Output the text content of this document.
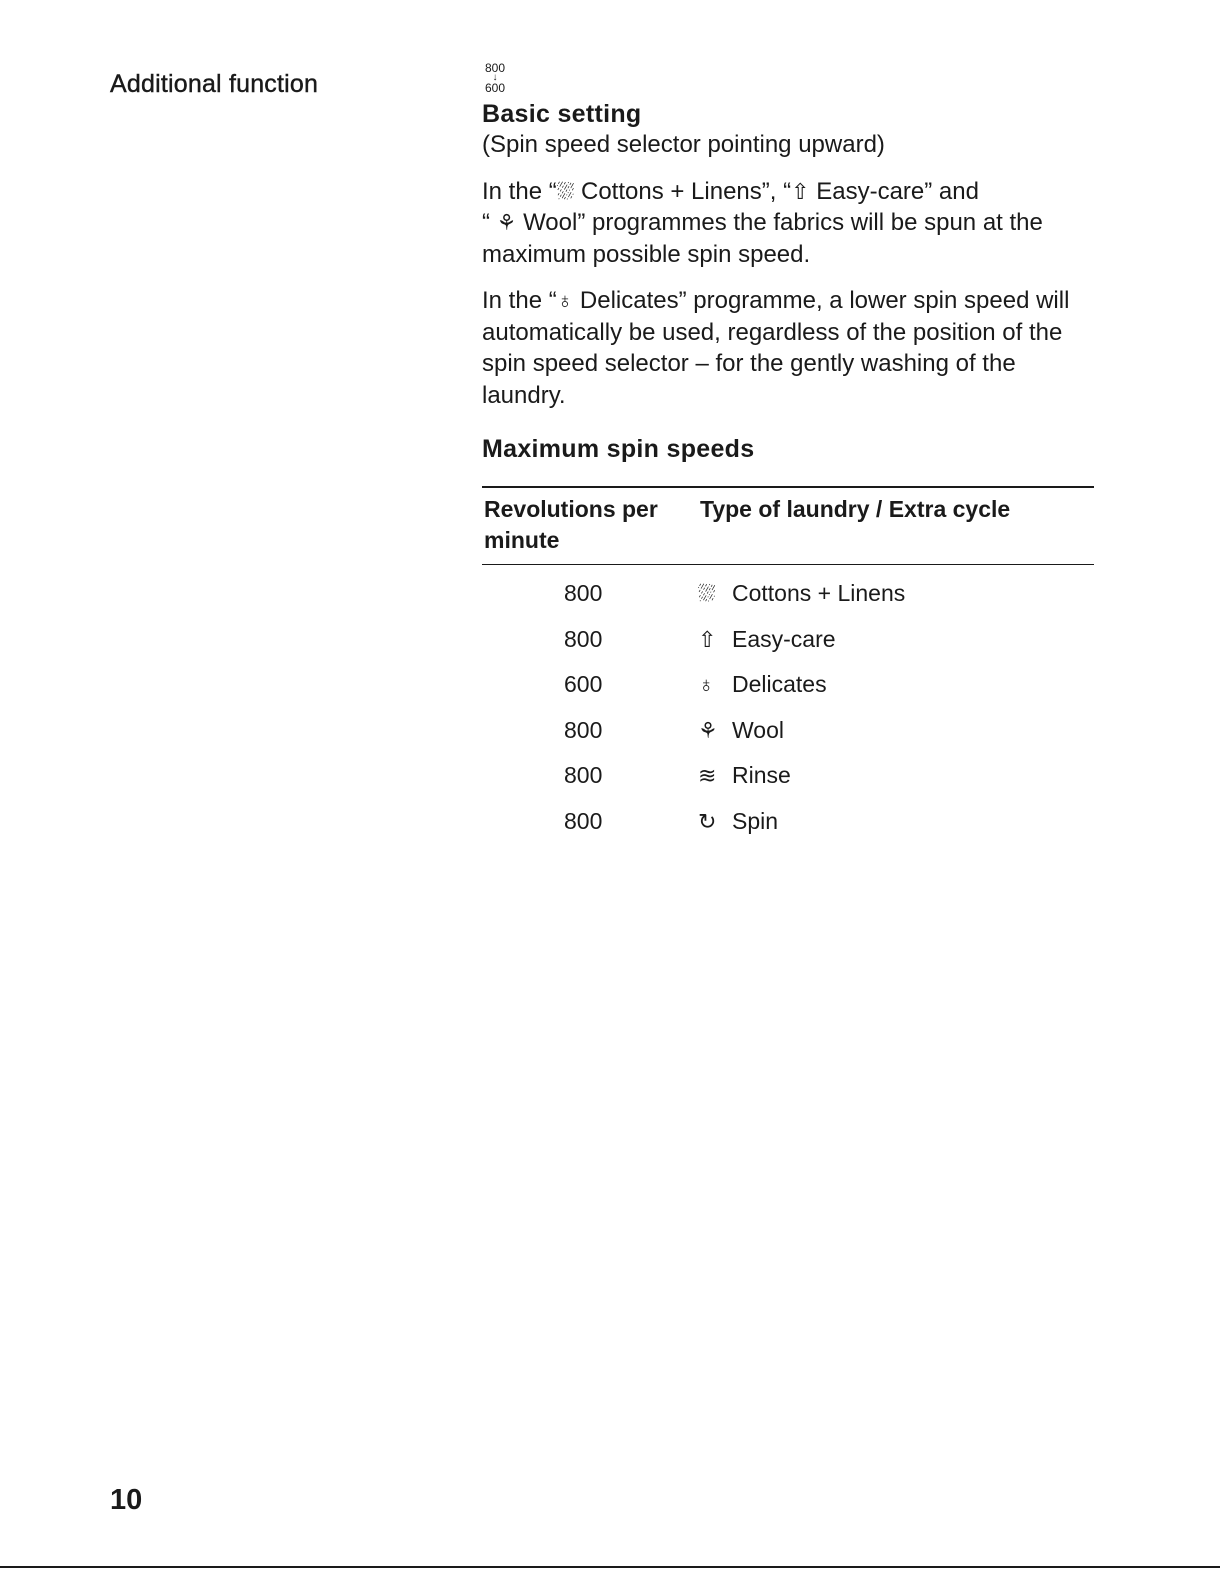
Additional function
800
↓
600
Basic setting

(Spin speed selector pointing upward)

In the “⛆ Cottons + Linens”, “⇧ Easy-care” and
“ ⚘ Wool” programmes the fabrics will be spun at the maximum possible spin speed.

In the “♁ Delicates” programme, a lower spin speed will automatically be used, regardless of the position of the spin speed selector – for the gently washing of the laundry.

Maximum spin speeds
Revolutions per minute	Type of laundry / Extra cycle
800	⛆ Cottons + Linens
800	⇧ Easy-care
600	♁ Delicates
800	⚘ Wool
800	≋ Rinse
800	↻ Spin
10
